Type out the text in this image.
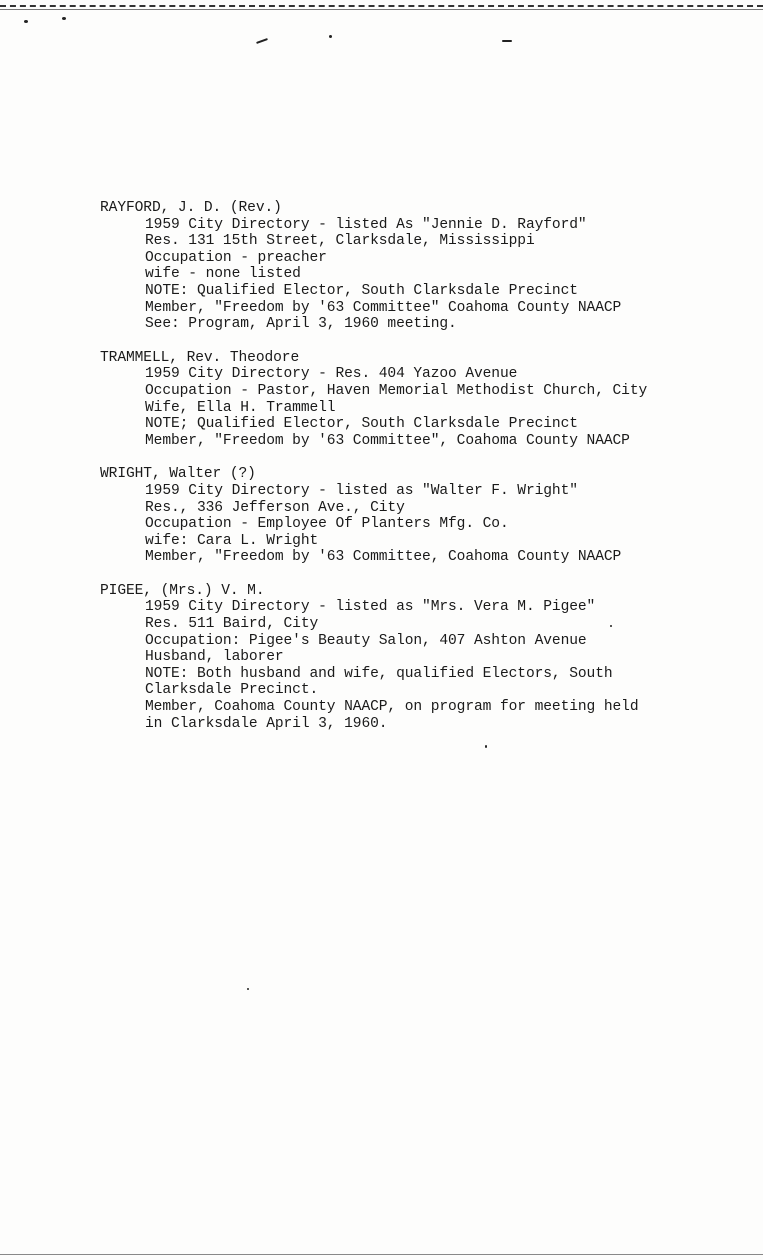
RAYFORD, J. D. (Rev.)
1959 City Directory - listed As "Jennie D. Rayford"
Res. 131 15th Street, Clarksdale, Mississippi
Occupation - preacher
wife - none listed
NOTE: Qualified Elector, South Clarksdale Precinct
Member, "Freedom by '63 Committee" Coahoma County NAACP
See: Program, April 3, 1960 meeting.
TRAMMELL, Rev. Theodore
1959 City Directory - Res. 404 Yazoo Avenue
Occupation - Pastor, Haven Memorial Methodist Church, City
Wife, Ella H. Trammell
NOTE; Qualified Elector, South Clarksdale Precinct
Member, "Freedom by '63 Committee", Coahoma County NAACP
WRIGHT, Walter (?)
1959 City Directory - listed as "Walter F. Wright"
Res., 336 Jefferson Ave., City
Occupation - Employee Of Planters Mfg. Co.
wife: Cara L. Wright
Member, "Freedom by '63 Committee, Coahoma County NAACP
PIGEE, (Mrs.) V. M.
1959 City Directory - listed as "Mrs. Vera M. Pigee"
Res. 511 Baird, City
Occupation: Pigee's Beauty Salon, 407 Ashton Avenue
Husband, laborer
NOTE: Both husband and wife, qualified Electors, South
Clarksdale Precinct.
Member, Coahoma County NAACP, on program for meeting held
in Clarksdale April 3, 1960.
